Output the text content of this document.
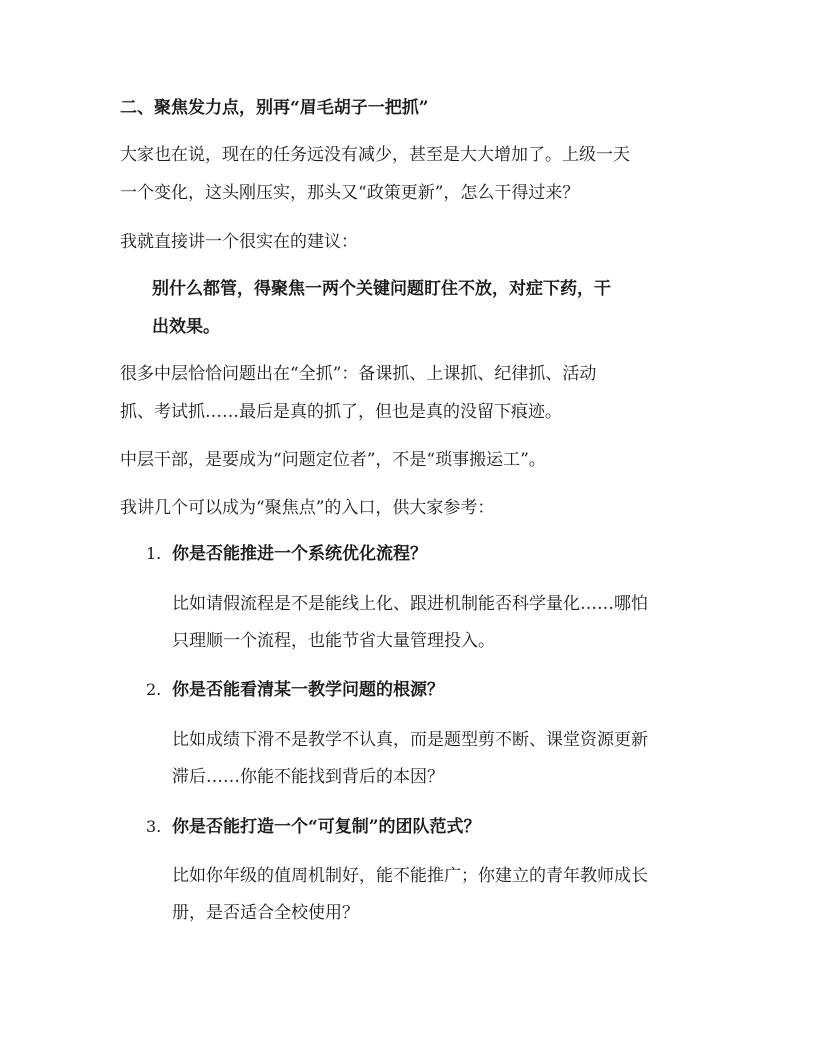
二、聚焦发力点，别再“眉毛胡子一把抓”

大家也在说，现在的任务远没有减少，甚至是大大增加了。上级一天

一个变化，这头刚压实，那头又“政策更新”，怎么干得过来？

我就直接讲一个很实在的建议：

别什么都管，得聚焦一两个关键问题盯住不放，对症下药，干

出效果。

很多中层恰恰问题出在“全抓”：备课抓、上课抓、纪律抓、活动

抓、考试抓……最后是真的抓了，但也是真的没留下痕迹。

中层干部，是要成为“问题定位者”，不是“琐事搬运工”。

我讲几个可以成为“聚焦点”的入口，供大家参考：

1. 你是否能推进一个系统优化流程？

比如请假流程是不是能线上化、跟进机制能否科学量化……哪怕

只理顺一个流程，也能节省大量管理投入。

2. 你是否能看清某一教学问题的根源？

比如成绩下滑不是教学不认真，而是题型剪不断、课堂资源更新

滞后……你能不能找到背后的本因？

3. 你是否能打造一个“可复制”的团队范式？

比如你年级的值周机制好，能不能推广；你建立的青年教师成长

册，是否适合全校使用？
